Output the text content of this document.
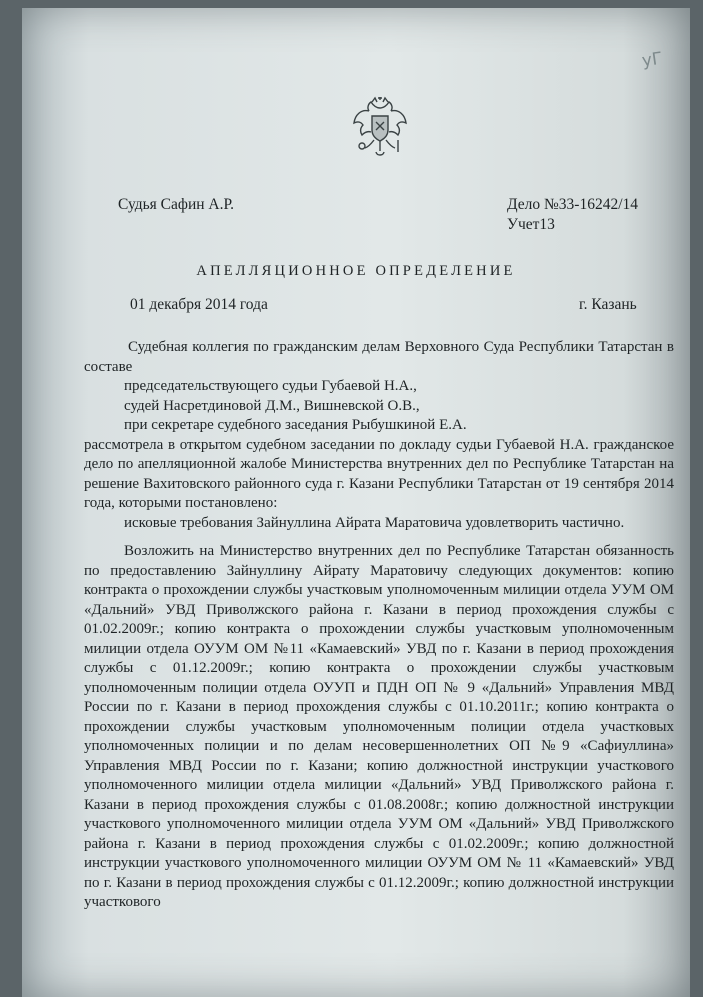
уГ
Судья Сафин А.Р.	Дело №33-16242/14
Учет13
АПЕЛЛЯЦИОННОЕ ОПРЕДЕЛЕНИЕ
01 декабря 2014 года	г. Казань

Судебная коллегия по гражданским делам Верховного Суда Республики Татарстан в составе

председательствующего судьи Губаевой Н.А.,

судей Насретдиновой Д.М., Вишневской О.В.,

при секретаре судебного заседания Рыбушкиной Е.А.

рассмотрела в открытом судебном заседании по докладу судьи Губаевой Н.А. гражданское дело по апелляционной жалобе Министерства внутренних дел по Республике Татарстан на решение Вахитовского районного суда г. Казани Республики Татарстан от 19 сентября 2014 года, которыми постановлено:

исковые требования Зайнуллина Айрата Маратовича удовлетворить частично.

Возложить на Министерство внутренних дел по Республике Татарстан обязанность по предоставлению Зайнуллину Айрату Маратовичу следующих документов: копию контракта о прохождении службы участковым уполномоченным милиции отдела УУМ ОМ «Дальний» УВД Приволжского района г. Казани в период прохождения службы с 01.02.2009г.; копию контракта о прохождении службы участковым уполномоченным милиции отдела ОУУМ ОМ №11 «Камаевский» УВД по г. Казани в период прохождения службы с 01.12.2009г.; копию контракта о прохождении службы участковым уполномоченным полиции отдела ОУУП и ПДН ОП № 9 «Дальний» Управления МВД России по г. Казани в период прохождения службы с 01.10.2011г.; копию контракта о прохождении службы участковым уполномоченным полиции отдела участковых уполномоченных полиции и по делам несовершеннолетних ОП №9 «Сафиуллина» Управления МВД России по г. Казани; копию должностной инструкции участкового уполномоченного милиции отдела милиции «Дальний» УВД Приволжского района г. Казани в период прохождения службы с 01.08.2008г.; копию должностной инструкции участкового уполномоченного милиции отдела УУМ ОМ «Дальний» УВД Приволжского района г. Казани в период прохождения службы с 01.02.2009г.; копию должностной инструкции участкового уполномоченного милиции ОУУМ ОМ № 11 «Камаевский» УВД по г. Казани в период прохождения службы с 01.12.2009г.; копию должностной инструкции участкового
